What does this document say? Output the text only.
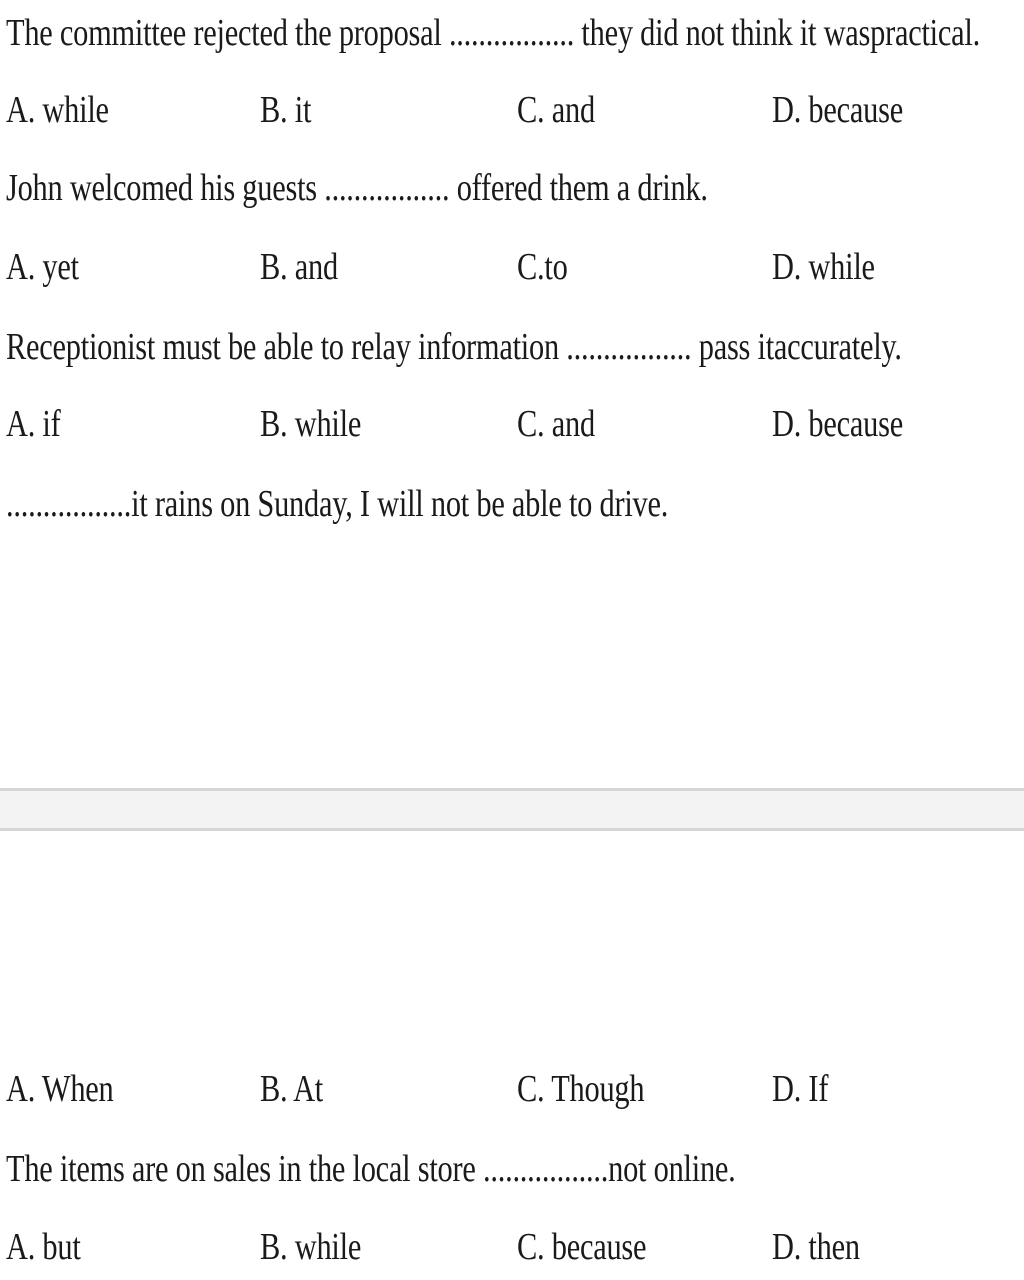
The committee rejected the proposal ................. they did not think it waspractical.
A. while	B. it	C. and	D. because
John welcomed his guests ................. offered them a drink.
A. yet	B. and	C.to	D. while
Receptionist must be able to relay information ................. pass itaccurately.
A. if	B. while	C. and	D. because
.................it rains on Sunday, I will not be able to drive.
A. When	B. At	C. Though	D. If
The items are on sales in the local store .................not online.
A. but	B. while	C. because	D. then
